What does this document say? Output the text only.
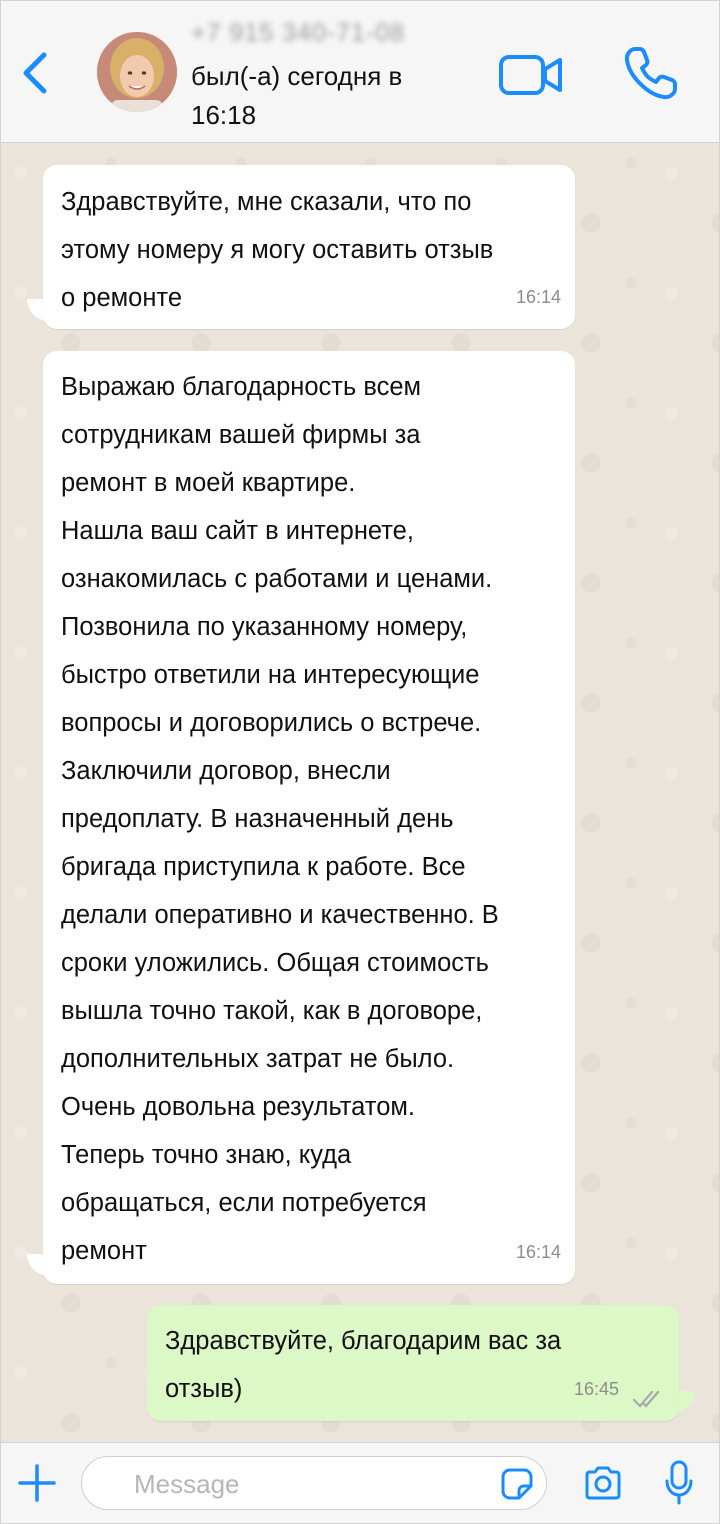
+7 915 340-71-08
был(-а) сегодня в 16:18
Здравствуйте, мне сказали, что по
этому номеру я могу оставить отзыв
о ремонте	16:14
Выражаю благодарность всем
сотрудникам вашей фирмы за
ремонт в моей квартире.
Нашла ваш сайт в интернете,
ознакомилась с работами и ценами.
Позвонила по указанному номеру,
быстро ответили на интересующие
вопросы и договорились о встрече.
Заключили договор, внесли
предоплату. В назначенный день
бригада приступила к работе. Все
делали оперативно и качественно. В
сроки уложились. Общая стоимость
вышла точно такой, как в договоре,
дополнительных затрат не было.
Очень довольна результатом.
Теперь точно знаю, куда
обращаться, если потребуется
ремонт	16:14
Здравствуйте, благодарим вас за
отзыв)	16:45
Message
